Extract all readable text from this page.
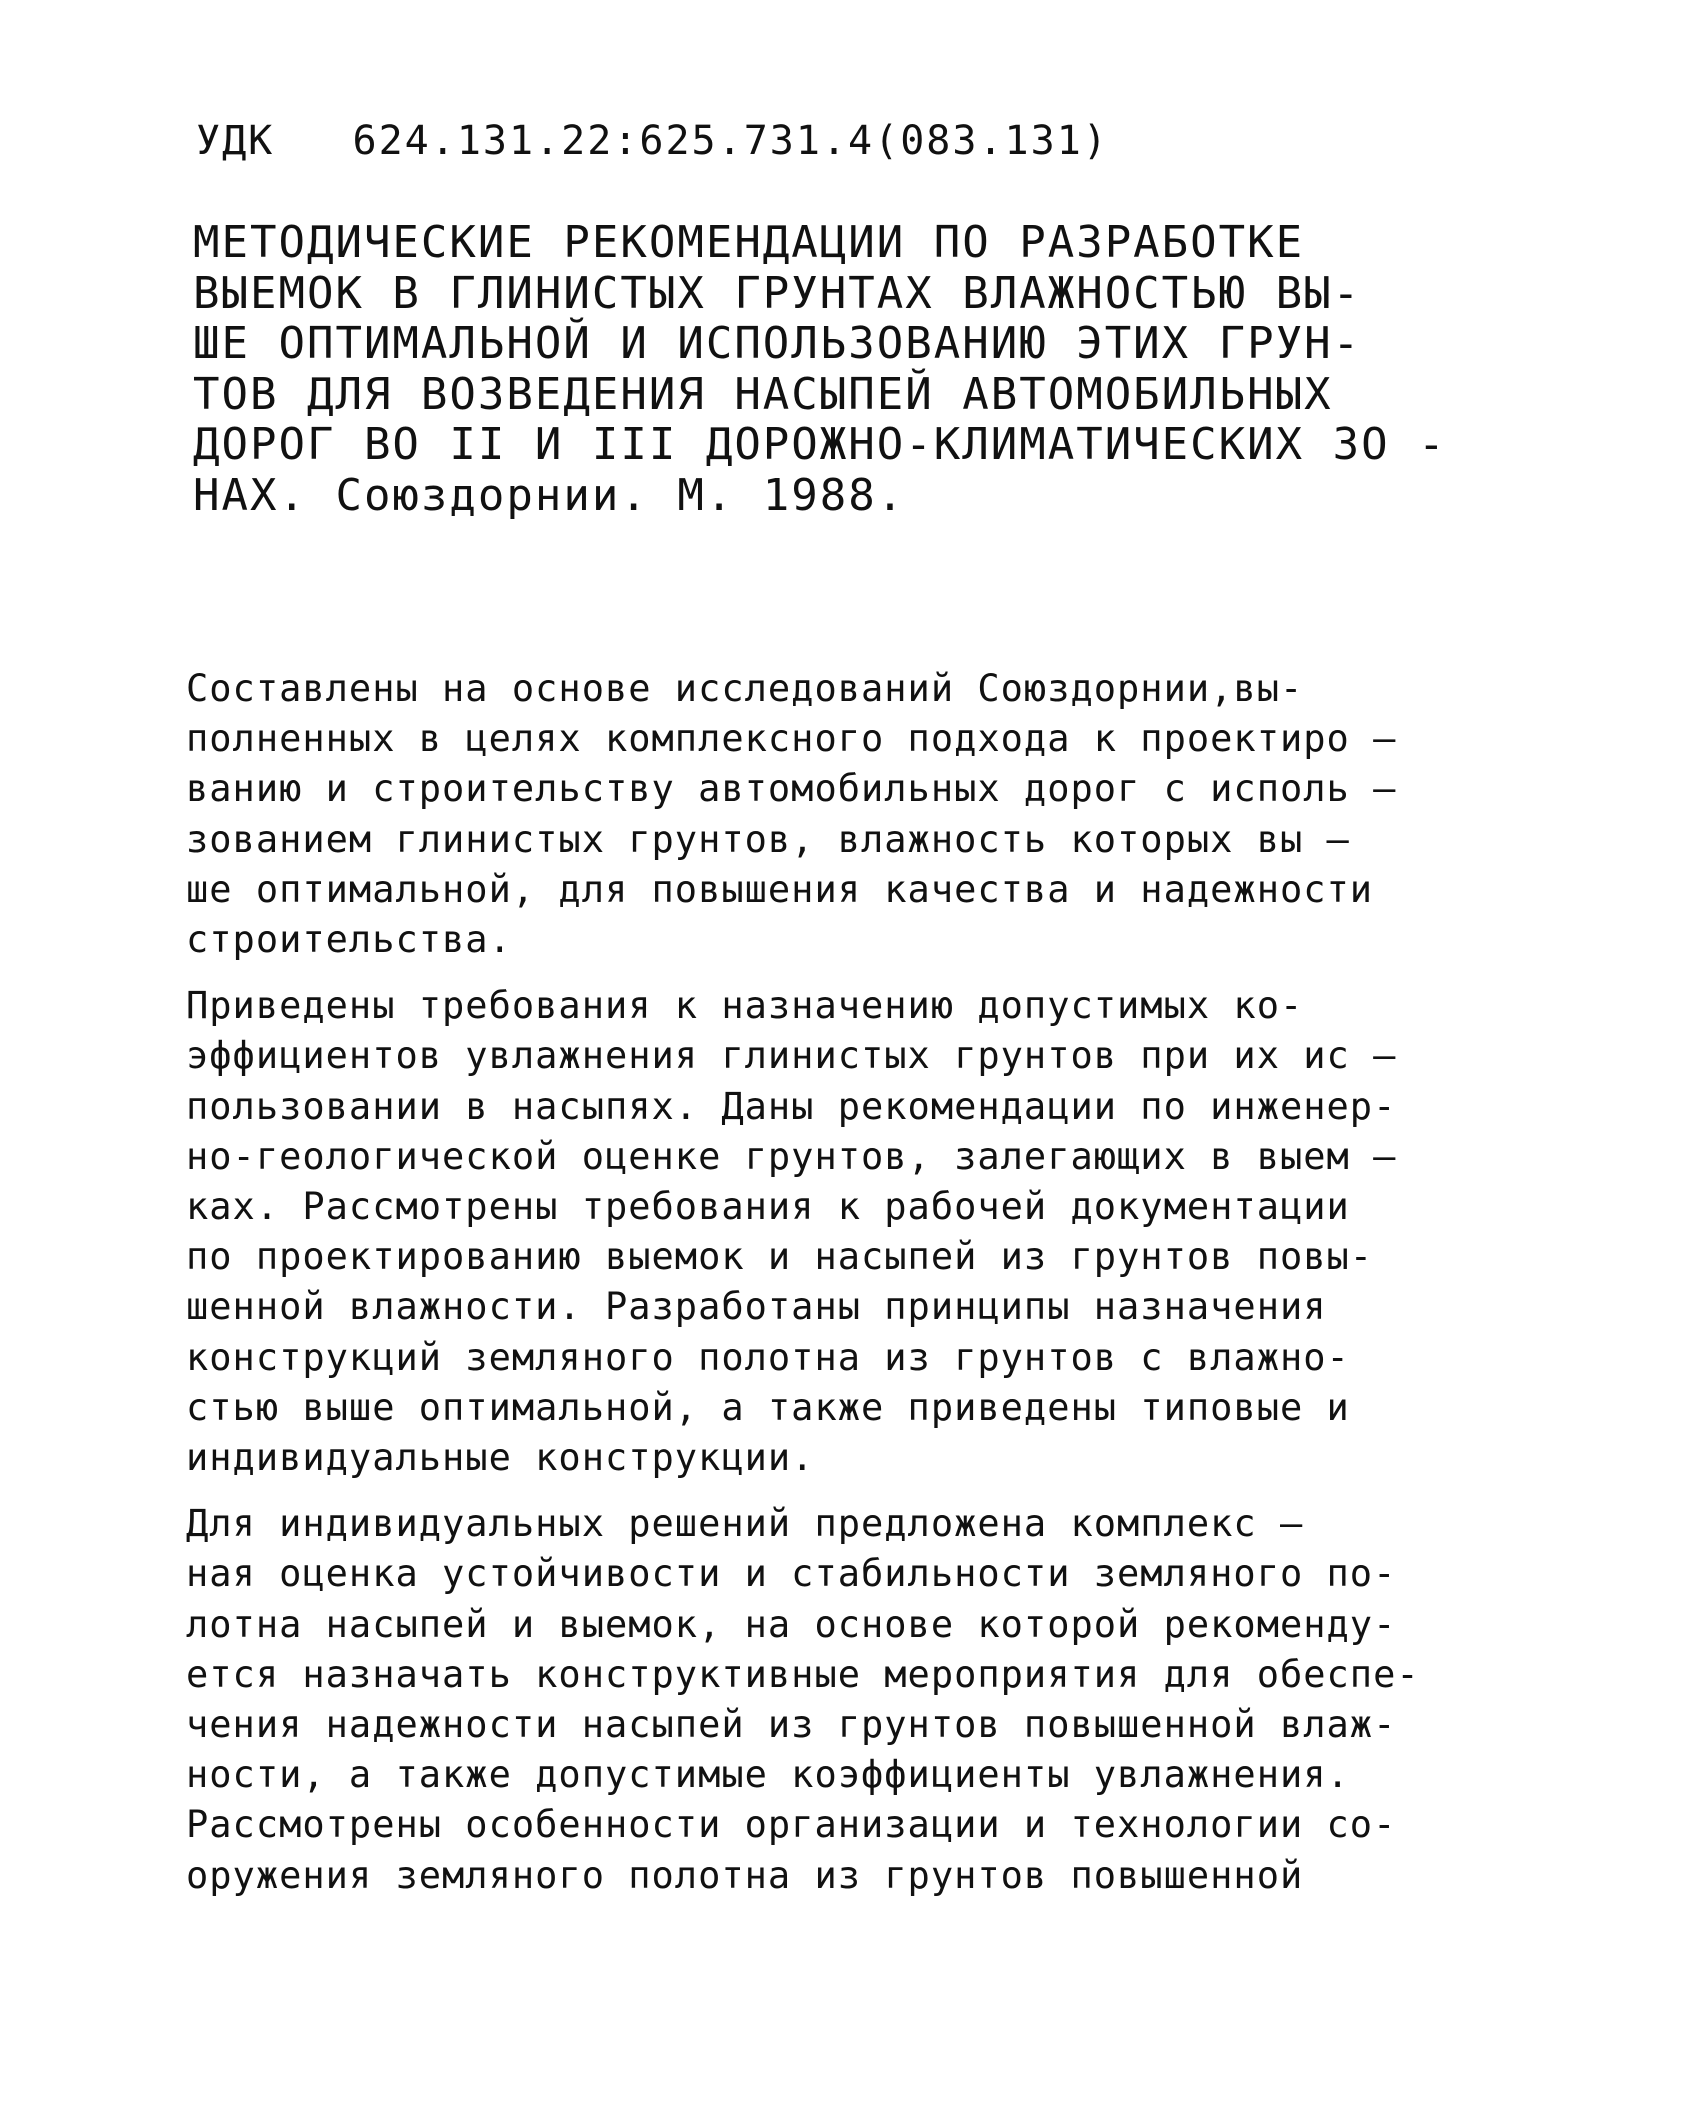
УДК   624.131.22:625.731.4(083.131)
МЕТОДИЧЕСКИЕ РЕКОМЕНДАЦИИ ПО РАЗРАБОТКЕ
ВЫЕМОК В ГЛИНИСТЫХ ГРУНТАХ ВЛАЖНОСТЬЮ ВЫ-
ШЕ ОПТИМАЛЬНОЙ И ИСПОЛЬЗОВАНИЮ ЭТИХ ГРУН-
ТОВ ДЛЯ ВОЗВЕДЕНИЯ НАСЫПЕЙ АВТОМОБИЛЬНЫХ
ДОРОГ ВО II И III ДОРОЖНО-КЛИМАТИЧЕСКИХ ЗО -
НАХ. Союздорнии. М. 1988.
Составлены на основе исследований Союздорнии,вы-
полненных в целях комплексного подхода к проектиро –
ванию и строительству автомобильных дорог с исполь –
зованием глинистых грунтов, влажность которых вы –
ше оптимальной, для повышения качества и надежности
строительства.
Приведены требования к назначению допустимых ко-
эффициентов увлажнения глинистых грунтов при их ис –
пользовании в насыпях. Даны рекомендации по инженер-
но-геологической оценке грунтов, залегающих в выем –
ках. Рассмотрены требования к рабочей документации
по проектированию выемок и насыпей из грунтов повы-
шенной влажности. Разработаны принципы назначения
конструкций земляного полотна из грунтов с влажно-
стью выше оптимальной, а также приведены типовые и
индивидуальные конструкции.
Для индивидуальных решений предложена комплекс –
ная оценка устойчивости и стабильности земляного по-
лотна насыпей и выемок, на основе которой рекоменду-
ется назначать конструктивные мероприятия для обеспе-
чения надежности насыпей из грунтов повышенной влаж-
ности, а также допустимые коэффициенты увлажнения.
Рассмотрены особенности организации и технологии со-
оружения земляного полотна из грунтов повышенной
